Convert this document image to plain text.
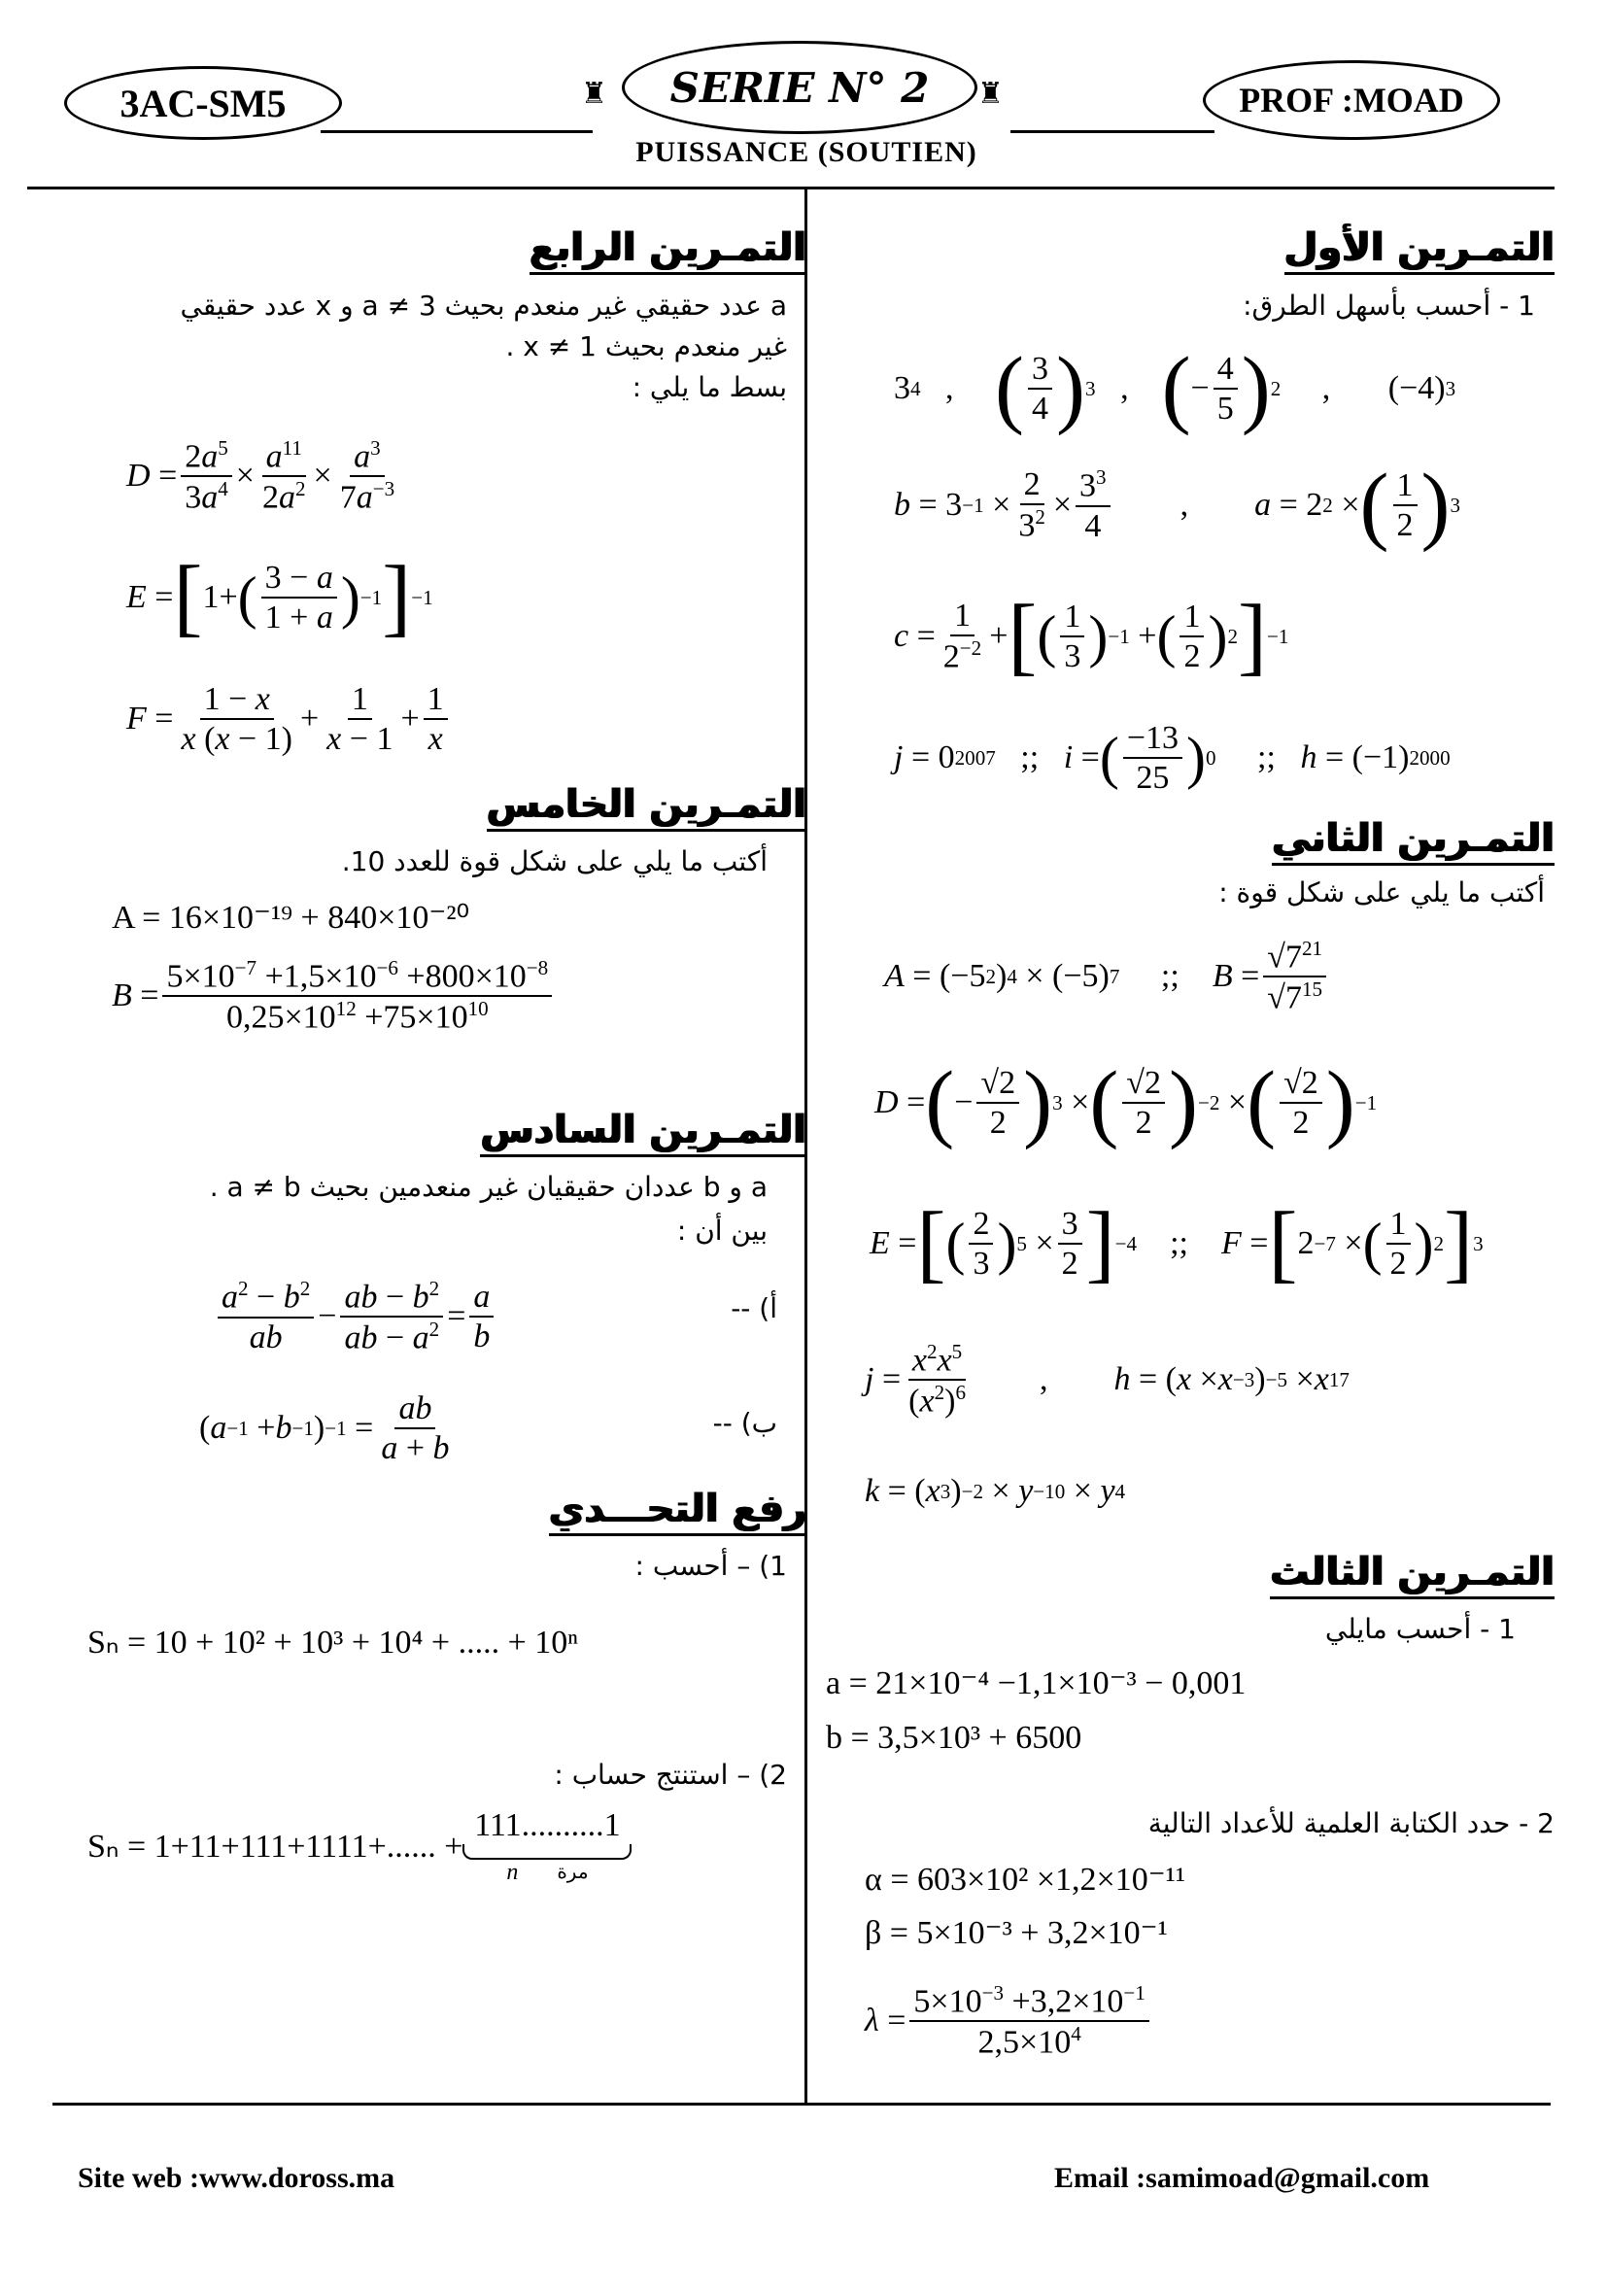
3AC-SM5	SERIE N° 2	PROF :MOAD
♜	♜
PUISSANCE (SOUTIEN)
التمـرين الأول
1 - أحسب بأسهل الطرق:
3 4 , ( $\frac{3}{4}$ ) 3 , ( − $\frac{4}{5}$ ) 2 ,       (−4) 3
$b = 3 -1 \times \frac{2}{3^2} \times \frac{3^3}{4}$ , a = 2 2 × ( $\frac{1}{2}$ ) 3
$c = \frac{1}{2^{-2}}$ + [ ( $\frac{1}{3}$ ) −1 + ( $\frac{1}{2}$ ) 2 ] −1
j = 0 2007
;;
i = ( $\frac{-13}{25}$ ) 0
;;
h = (−1) 2000
التمـرين الثاني
أكتب ما يلي على شكل قوة :
A = (−5 2 ) 4 × (−5) 7 ;; $B = \frac{√7^{21}}{√7^{15}}$
D = ( − $\frac{√2}{2}$ ) 3 × ( $\frac{√2}{2}$ ) −2 × ( $\frac{√2}{2}$ ) −1
E = [ ( $\frac{2}{3}$ ) $5 \times \frac{3}{2}$ ] −4 ;; F = [ 2 −7 × ( $\frac{1}{2}$ ) 2 ] 3
$j = \frac{x^2x^5}{(x^2)^6}$ , h = ( x × x −3 ) −5 × x 17
k = ( x 3 ) −2 × y −10 × y 4
التمـرين الثالث
1 - أحسب مايلي
a = 21×10⁻⁴ −1,1×10⁻³ − 0,001
b = 3,5×10³ + 6500
2 - حدد الكتابة العلمية للأعداد التالية
α = 603×10² ×1,2×10⁻¹¹
β = 5×10⁻³ + 3,2×10⁻¹
$\lambda = \frac{5\times 10^{-3} +3,2\times 10^{-1}}{2,5\times 10^4}$
التمـرين الرابع
a عدد حقيقي غير منعدم بحيث a ≠ 3 و x عدد حقيقي
غير منعدم بحيث x ≠ 1 .
بسط ما يلي :
$D = \frac{2a^5}{3a^4} \times \frac{a^{11}}{2a^2} \times \frac{a^3}{7a^{-3}}$
E = [ 1+ ( $\frac{3 - a}{1 + a}$ ) −1 ] −1
$F = \frac{1 - x}{x (x - 1)} + \frac{1}{x - 1} + \frac{1}{x}$
التمـرين الخامس
أكتب ما يلي على شكل قوة للعدد 10.
A = 16×10⁻¹⁹ + 840×10⁻²⁰
$B = \frac{5\times 10^{-7} +1,5\times 10^{-6} +800\times 10^{-8}}{0,25\times 10^{12} +75\times 10^{10}}$
التمـرين السادس
a و b عددان حقيقيان غير منعدمين بحيث a ≠ b .
بين أن :
$\frac{a^2 - b^2}{ab} - \frac{ab - b^2}{ab - a^2} = \frac{a}{b}$	أ) --
( a −1 + b −1 ) $-1 = \frac{ab}{a + b}$	ب) --
رفع التحـــدي
1) – أحسب :
Sₙ = 10 + 10² + 10³ + 10⁴ + ..... + 10ⁿ
2) – استنتج حساب :
Sₙ = 1+11+111+1111+...... +
111..........1
n مرة
Site web :www.doross.ma	Email :samimoad@gmail.com
